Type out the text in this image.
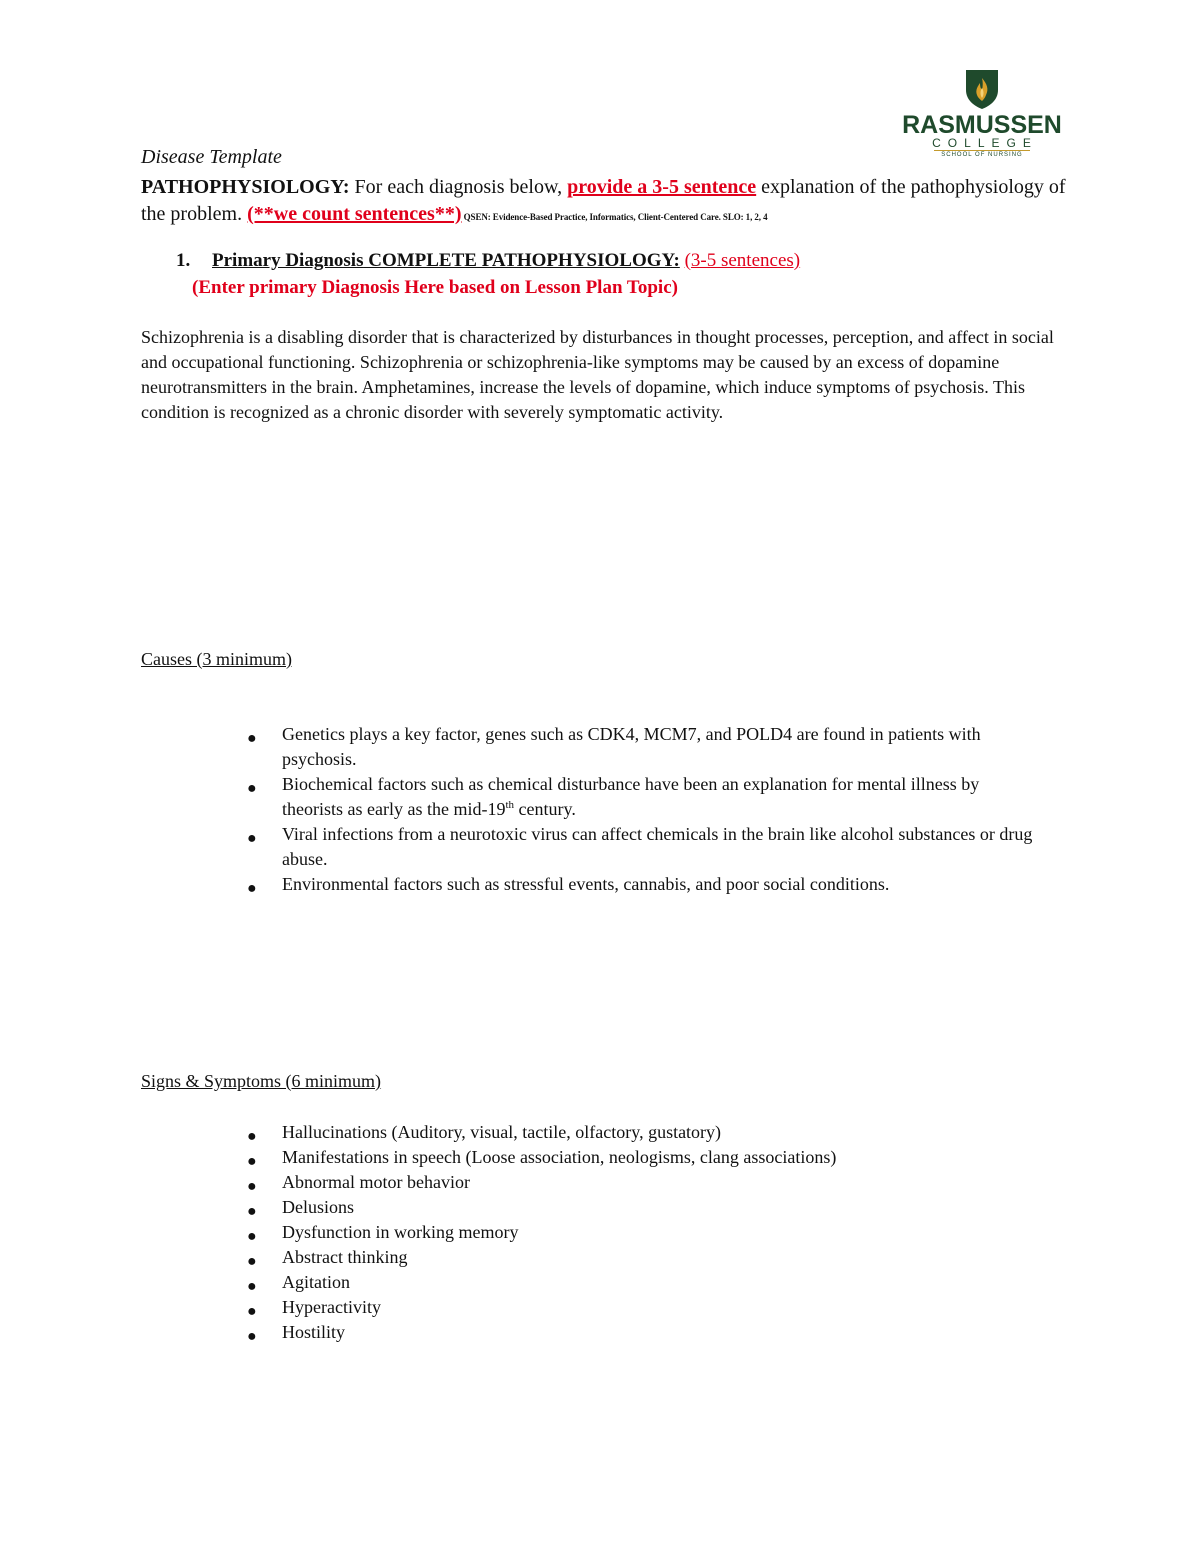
RASMUSSEN
COLLEGE
SCHOOL OF NURSING
Disease Template
PATHOPHYSIOLOGY: For each diagnosis below, provide a 3-5 sentence explanation of the pathophysiology of the problem. (**we count sentences**) QSEN: Evidence-Based Practice, Informatics, Client-Centered Care. SLO: 1, 2, 4
1. Primary Diagnosis COMPLETE PATHOPHYSIOLOGY: (3-5 sentences)
(Enter primary Diagnosis Here based on Lesson Plan Topic)
Schizophrenia is a disabling disorder that is characterized by disturbances in thought processes, perception, and affect in social and occupational functioning. Schizophrenia or schizophrenia-like symptoms may be caused by an excess of dopamine neurotransmitters in the brain. Amphetamines, increase the levels of dopamine, which induce symptoms of psychosis. This condition is recognized as a chronic disorder with severely symptomatic activity.
Causes (3 minimum)
● Genetics plays a key factor, genes such as CDK4, MCM7, and POLD4 are found in patients with psychosis.
● Biochemical factors such as chemical disturbance have been an explanation for mental illness by theorists as early as the mid-19th century.
● Viral infections from a neurotoxic virus can affect chemicals in the brain like alcohol substances or drug abuse.
● Environmental factors such as stressful events, cannabis, and poor social conditions.
Signs & Symptoms (6 minimum)
● Hallucinations (Auditory, visual, tactile, olfactory, gustatory)
● Manifestations in speech (Loose association, neologisms, clang associations)
● Abnormal motor behavior
● Delusions
● Dysfunction in working memory
● Abstract thinking
● Agitation
● Hyperactivity
● Hostility
